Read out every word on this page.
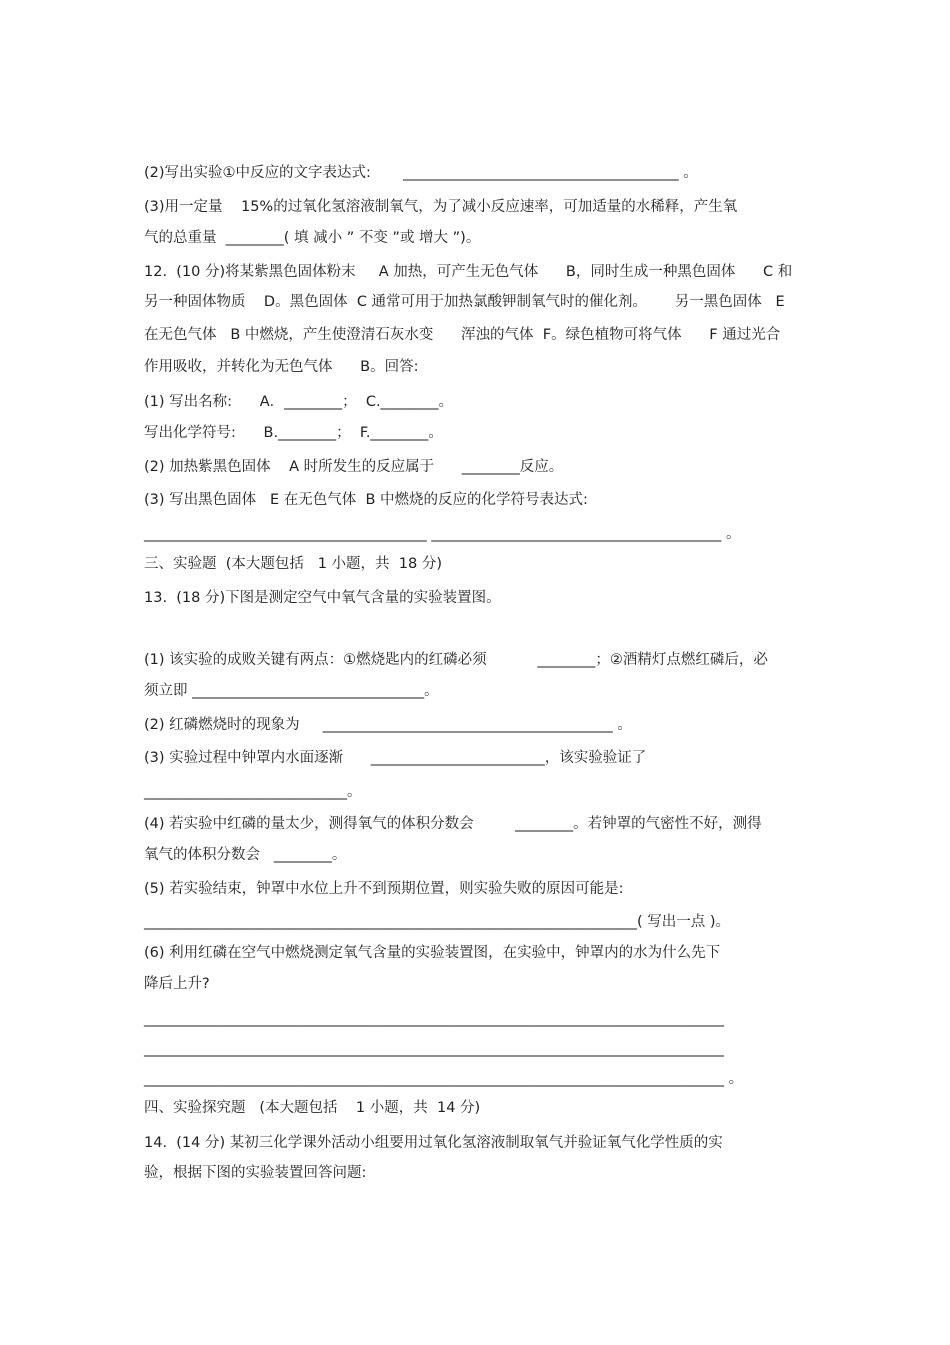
(2)写出实验①中反应的文字表达式:       ______________________________________ 。

(3)用一定量    15%的过氧化氢溶液制氧气，为了减小反应速率，可加适量的水稀释，产生氧

气的总重量  ________( 填 减小 ” 不变 ”或 增大 ”)。

12.  (10 分)将某紫黑色固体粉末     A 加热，可产生无色气体      B，同时生成一种黑色固体      C 和

另一种固体物质    D。黑色固体  C 通常可用于加热氯酸钾制氧气时的催化剂。      另一黑色固体   E

在无色气体   B 中燃烧，产生使澄清石灰水变      浑浊的气体  F。绿色植物可将气体      F 通过光合

作用吸收，并转化为无色气体      B。回答:

(1) 写出名称:      A．________；  C.________。

写出化学符号:      B.________；  F.________。

(2) 加热紫黑色固体    A 时所发生的反应属于      ________反应。

(3) 写出黑色固体   E 在无色气体  B 中燃烧的反应的化学符号表达式:

_______________________________________ ________________________________________ 。

三、实验题  (本大题包括   1 小题，共  18 分)

13.  (18 分)下图是测定空气中氧气含量的实验装置图。

(1) 该实验的成败关键有两点：①燃烧匙内的红磷必须           ________；②酒精灯点燃红磷后，必

须立即 ________________________________。

(2) 红磷燃烧时的现象为     ________________________________________ 。

(3) 实验过程中钟罩内水面逐渐      ________________________，该实验验证了

____________________________。

(4) 若实验中红磷的量太少，测得氧气的体积分数会         ________。若钟罩的气密性不好，测得

氧气的体积分数会   ________。

(5) 若实验结束，钟罩中水位上升不到预期位置，则实验失败的原因可能是:

____________________________________________________________________( 写出一点 )。

(6) 利用红磷在空气中燃烧测定氧气含量的实验装置图，在实验中，钟罩内的水为什么先下

降后上升?

________________________________________________________________________________

________________________________________________________________________________

________________________________________________________________________________ 。

四、实验探究题   (本大题包括    1 小题，共  14 分)

14.  (14 分) 某初三化学课外活动小组要用过氧化氢溶液制取氧气并验证氧气化学性质的实

验，根据下图的实验装置回答问题:
